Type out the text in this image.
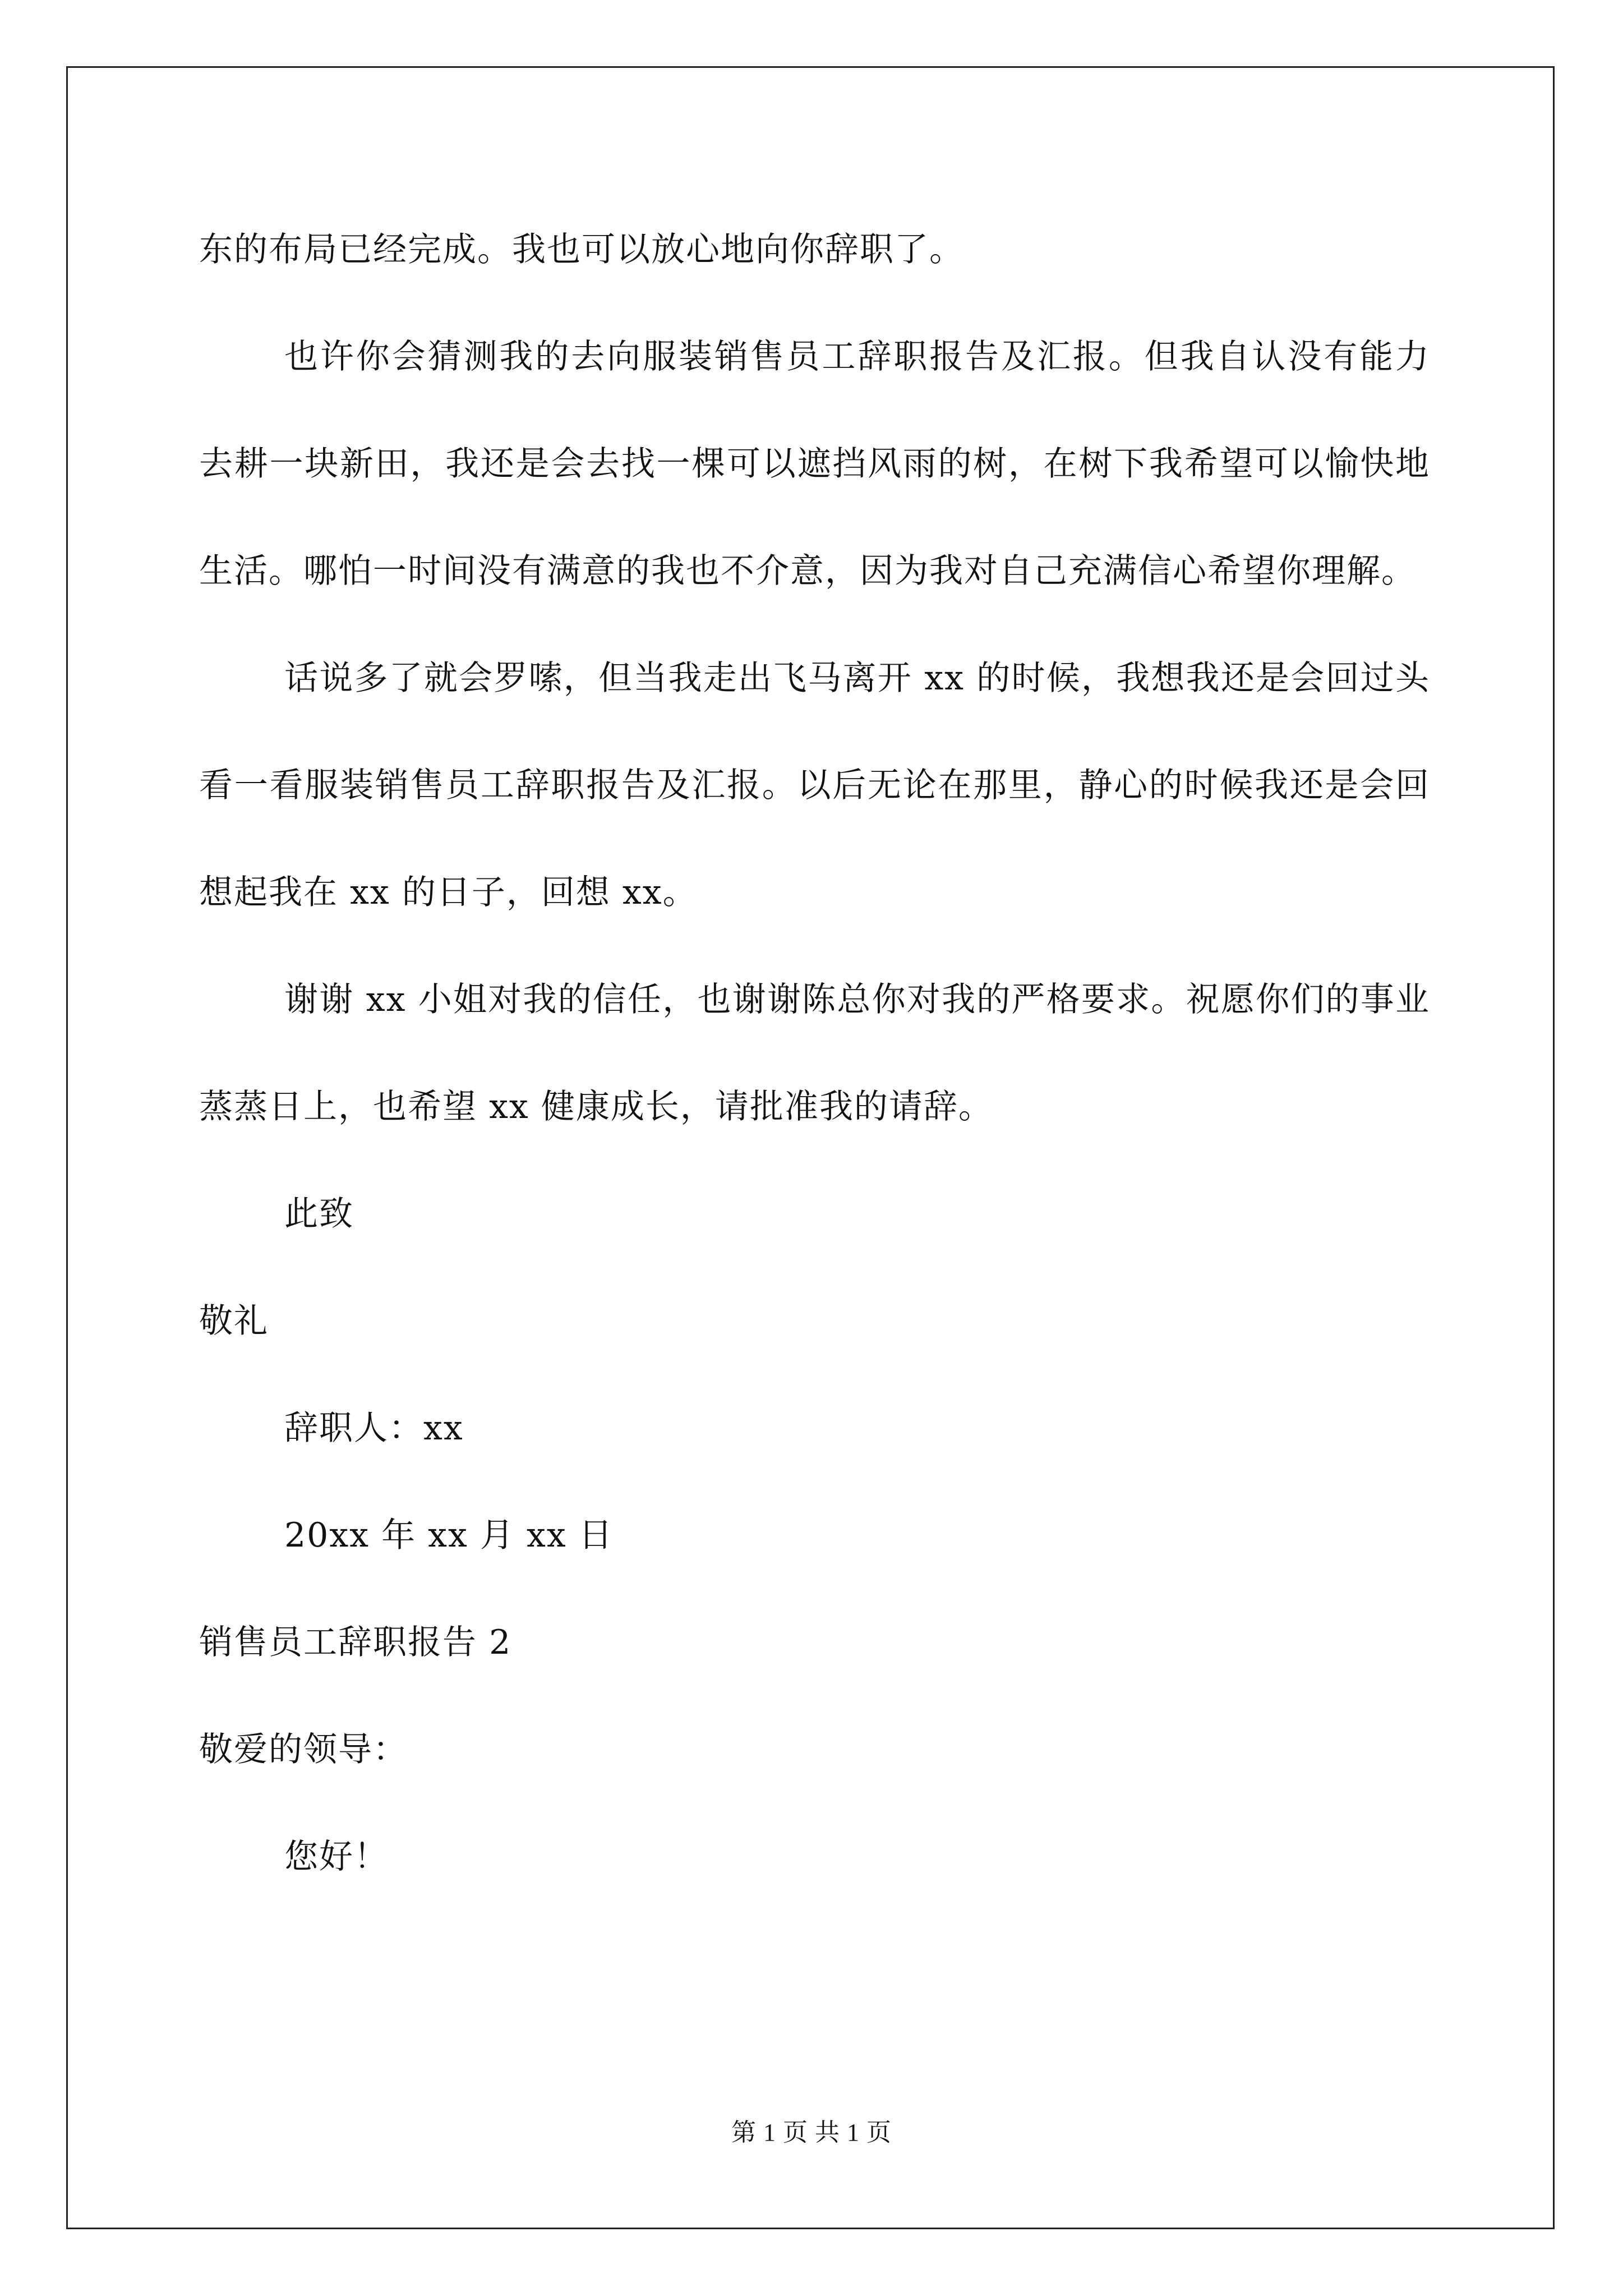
东的布局已经完成。我也可以放心地向你辞职了。

也许你会猜测我的去向服装销售员工辞职报告及汇报。但我自认没有能力去耕一块新田，我还是会去找一棵可以遮挡风雨的树，在树下我希望可以愉快地生活。哪怕一时间没有满意的我也不介意，因为我对自己充满信心希望你理解。

话说多了就会罗嗦，但当我走出飞马离开 xx 的时候，我想我还是会回过头看一看服装销售员工辞职报告及汇报。以后无论在那里，静心的时候我还是会回想起我在 xx 的日子，回想 xx。

谢谢 xx 小姐对我的信任，也谢谢陈总你对我的严格要求。祝愿你们的事业蒸蒸日上，也希望 xx 健康成长，请批准我的请辞。

此致

敬礼

辞职人：xx

20xx 年 xx 月 xx 日

销售员工辞职报告 2

敬爱的领导：

您好！

第 1 页 共 1 页
